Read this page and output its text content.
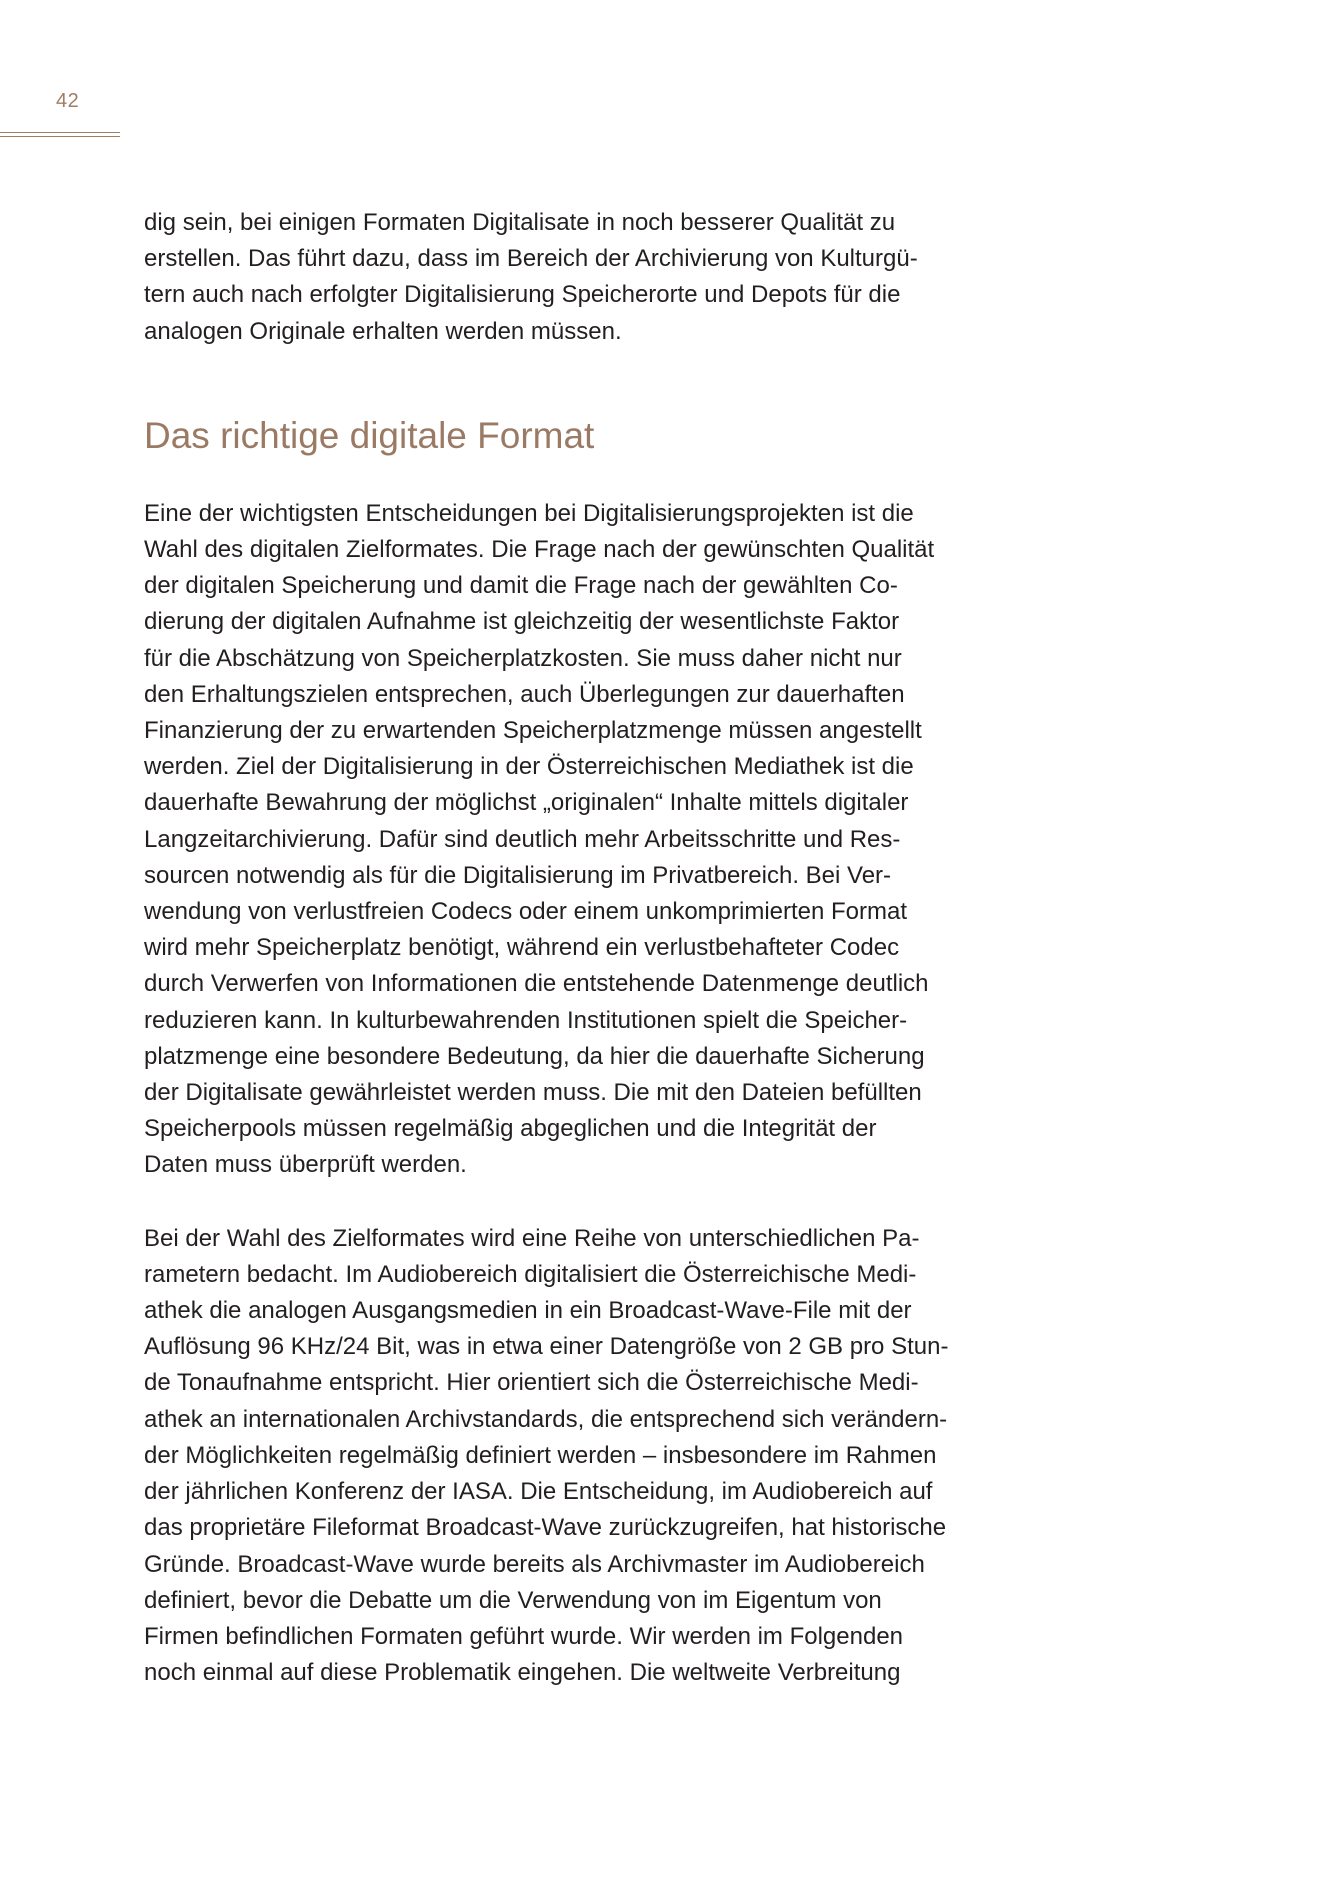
42

dig sein, bei einigen Formaten Digitalisate in noch besserer Qualität zu
erstellen. Das führt dazu, dass im Bereich der Archivierung von Kulturgü-
tern auch nach erfolgter Digitalisierung Speicherorte und Depots für die
analogen Originale erhalten werden müssen.

Das richtige digitale Format

Eine der wichtigsten Entscheidungen bei Digitalisierungsprojekten ist die
Wahl des digitalen Zielformates. Die Frage nach der gewünschten Qualität
der digitalen Speicherung und damit die Frage nach der gewählten Co-
dierung der digitalen Aufnahme ist gleichzeitig der wesentlichste Faktor
für die Abschätzung von Speicherplatzkosten. Sie muss daher nicht nur
den Erhaltungszielen entsprechen, auch Überlegungen zur dauerhaften
Finanzierung der zu erwartenden Speicherplatzmenge müssen angestellt
werden. Ziel der Digitalisierung in der Österreichischen Mediathek ist die
dauerhafte Bewahrung der möglichst „originalen“ Inhalte mittels digitaler
Langzeitarchivierung. Dafür sind deutlich mehr Arbeitsschritte und Res-
sourcen notwendig als für die Digitalisierung im Privatbereich. Bei Ver-
wendung von verlustfreien Codecs oder einem unkomprimierten Format
wird mehr Speicherplatz benötigt, während ein verlustbehafteter Codec
durch Verwerfen von Informationen die entstehende Datenmenge deutlich
reduzieren kann. In kulturbewahrenden Institutionen spielt die Speicher-
platzmenge eine besondere Bedeutung, da hier die dauerhafte Sicherung
der Digitalisate gewährleistet werden muss. Die mit den Dateien befüllten
Speicherpools müssen regelmäßig abgeglichen und die Integrität der
Daten muss überprüft werden.

Bei der Wahl des Zielformates wird eine Reihe von unterschiedlichen Pa-
rametern bedacht. Im Audiobereich digitalisiert die Österreichische Medi-
athek die analogen Ausgangsmedien in ein Broadcast-Wave-File mit der
Auflösung 96 KHz/24 Bit, was in etwa einer Datengröße von 2 GB pro Stun-
de Tonaufnahme entspricht. Hier orientiert sich die Österreichische Medi-
athek an internationalen Archivstandards, die entsprechend sich verändern-
der Möglichkeiten regelmäßig definiert werden – insbesondere im Rahmen
der jährlichen Konferenz der IASA. Die Entscheidung, im Audiobereich auf
das proprietäre Fileformat Broadcast-Wave zurückzugreifen, hat historische
Gründe. Broadcast-Wave wurde bereits als Archivmaster im Audiobereich
definiert, bevor die Debatte um die Verwendung von im Eigentum von
Firmen befindlichen Formaten geführt wurde. Wir werden im Folgenden
noch einmal auf diese Problematik eingehen. Die weltweite Verbreitung
